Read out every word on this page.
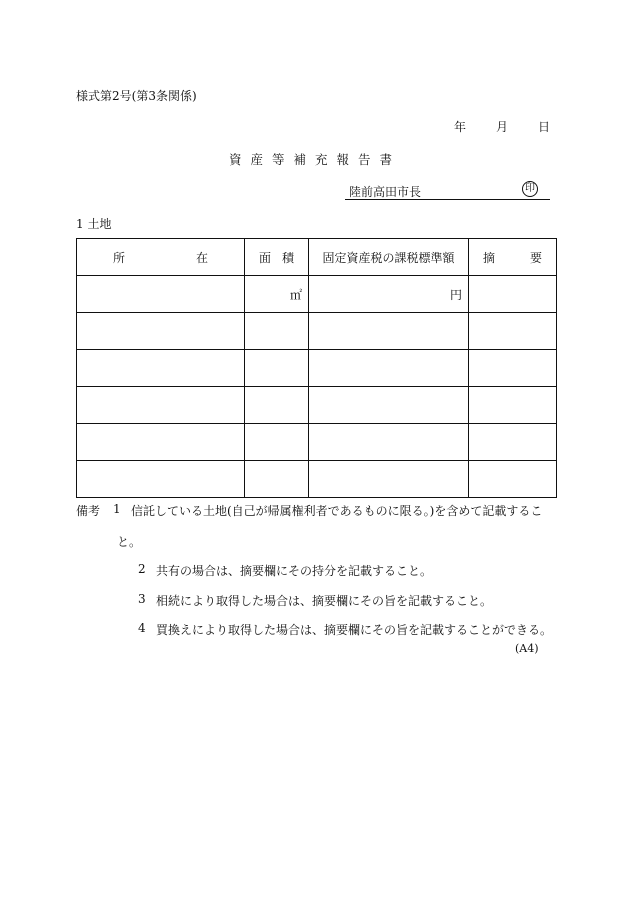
様式第2号(第3条関係)
年	月	日
資産等補充報告書
陸前高田市長	印
1 土地
所 在	面 積	固定資産税の課税標準額	摘 要

	㎡	円	

備考 1 信託している土地(自己が帰属権利者であるものに限る。)を含めて記載するこ
と。
2 共有の場合は、摘要欄にその持分を記載すること。
3 相続により取得した場合は、摘要欄にその旨を記載すること。
4 買換えにより取得した場合は、摘要欄にその旨を記載することができる。
(A4)
